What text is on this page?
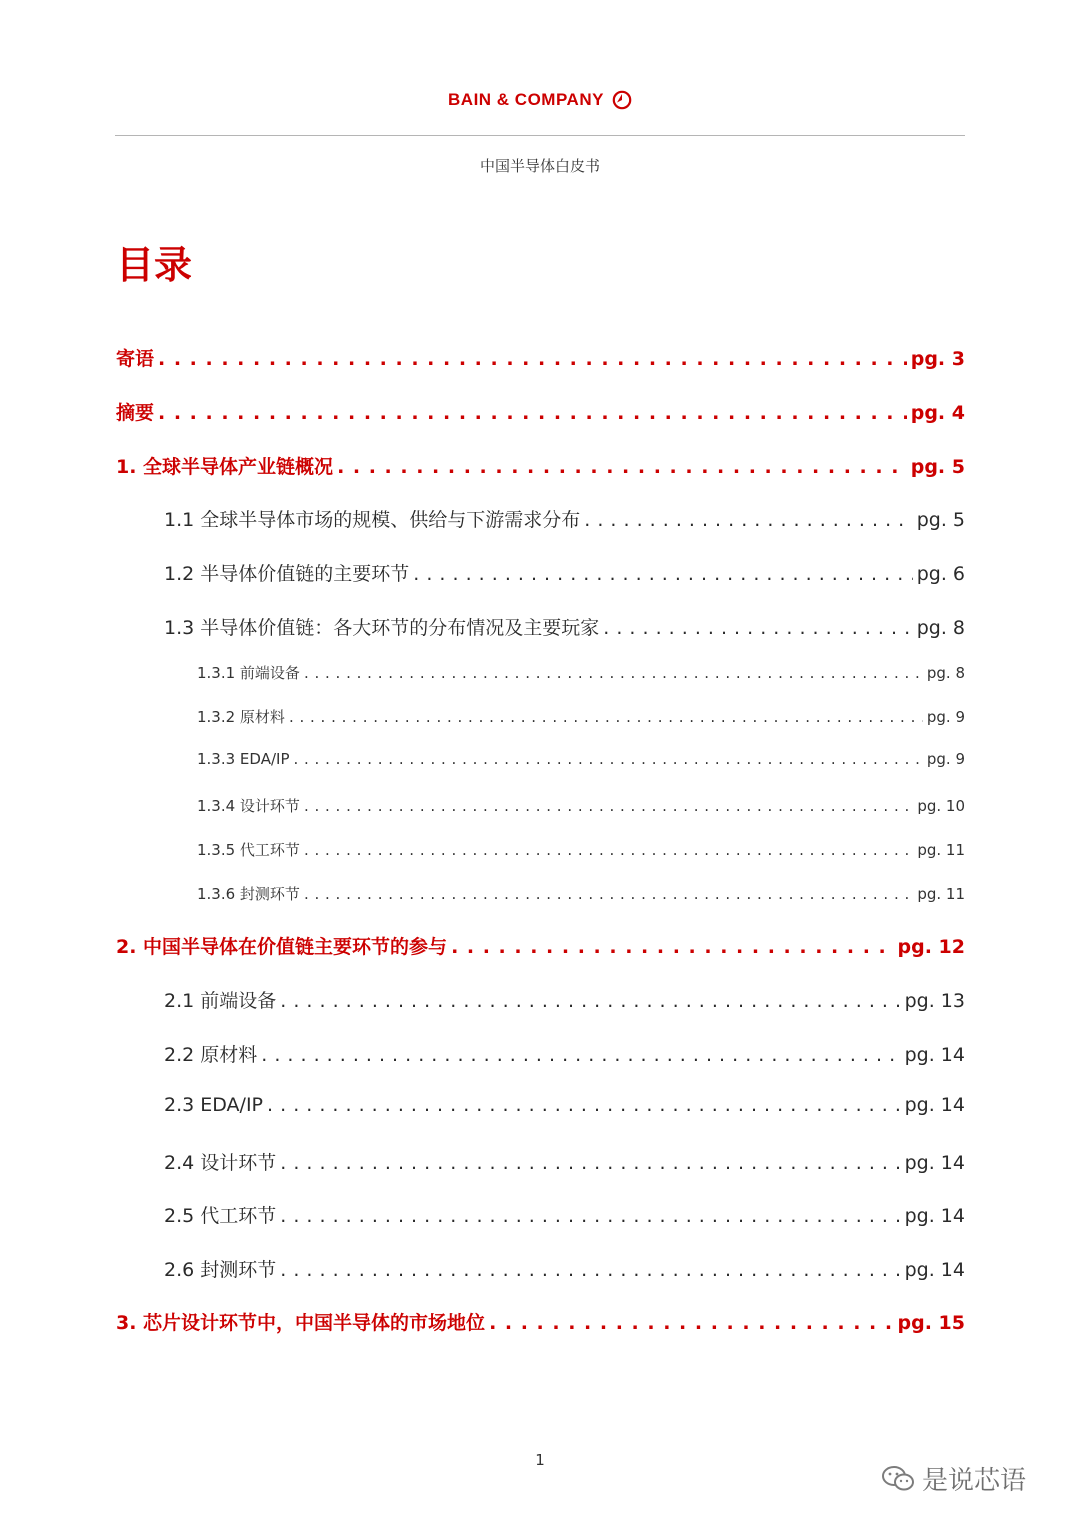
BAIN & COMPANY
中国半导体白皮书
目录
寄语 . . .	pg. 3
摘要 . . .	pg. 4
1. 全球半导体产业链概况 . . .	pg. 5
1.1 全球半导体市场的规模、供给与下游需求分布 . . .	pg. 5
1.2 半导体价值链的主要环节 . . .	pg. 6
1.3 半导体价值链：各大环节的分布情况及主要玩家 . . .	pg. 8
1.3.1 前端设备 . . .	pg. 8
1.3.2 原材料 . . .	pg. 9
1.3.3 EDA/IP . . .	pg. 9
1.3.4 设计环节 . . .	pg. 10
1.3.5 代工环节 . . .	pg. 11
1.3.6 封测环节 . . .	pg. 11
2. 中国半导体在价值链主要环节的参与 . . .	pg. 12
2.1 前端设备 . . .	pg. 13
2.2 原材料 . . .	pg. 14
2.3 EDA/IP . . .	pg. 14
2.4 设计环节 . . .	pg. 14
2.5 代工环节 . . .	pg. 14
2.6 封测环节 . . .	pg. 14
3. 芯片设计环节中，中国半导体的市场地位 . . .	pg. 15
1
是说芯语
